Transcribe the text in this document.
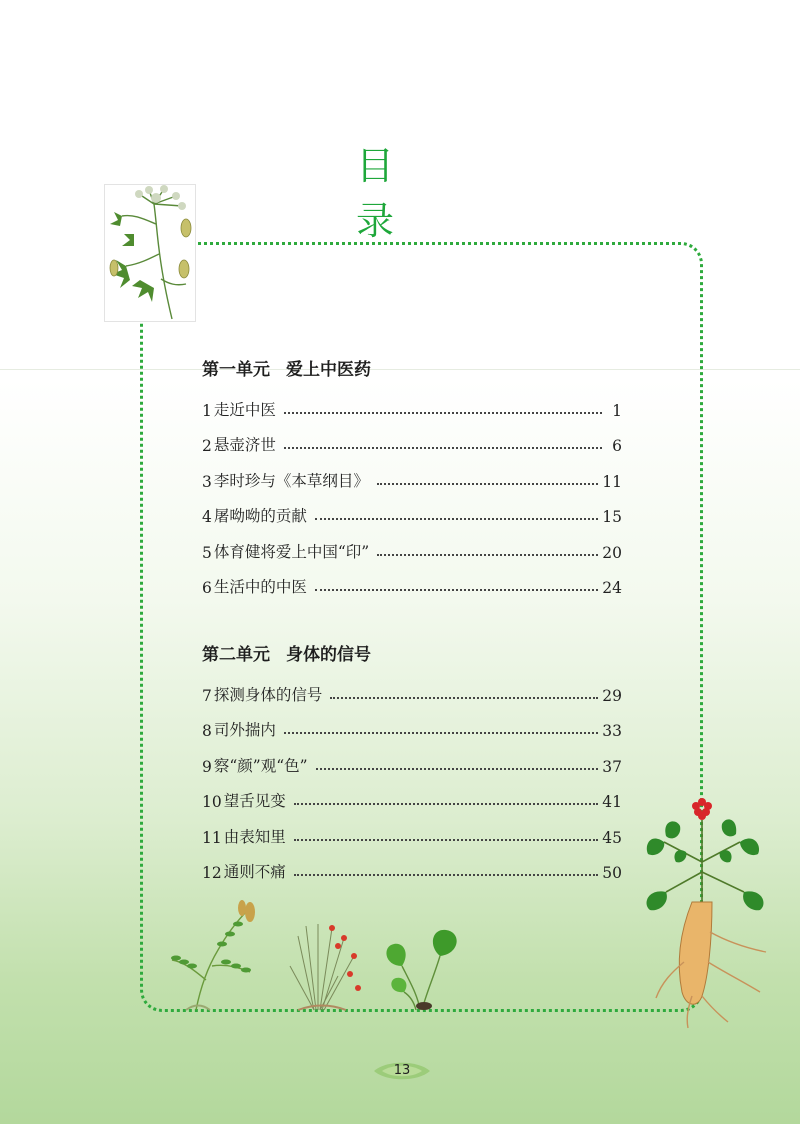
目 录
第一单元 爱上中医药
1 走近中医	1
2 悬壶济世	6
3 李时珍与《本草纲目》	11
4 屠呦呦的贡献	15
5 体育健将爱上中国“印”	20
6 生活中的中医	24
第二单元 身体的信号
7 探测身体的信号	29
8 司外揣内	33
9 察“颜”观“色”	37
10 望舌见变	41
11 由表知里	45
12 通则不痛	50
13
